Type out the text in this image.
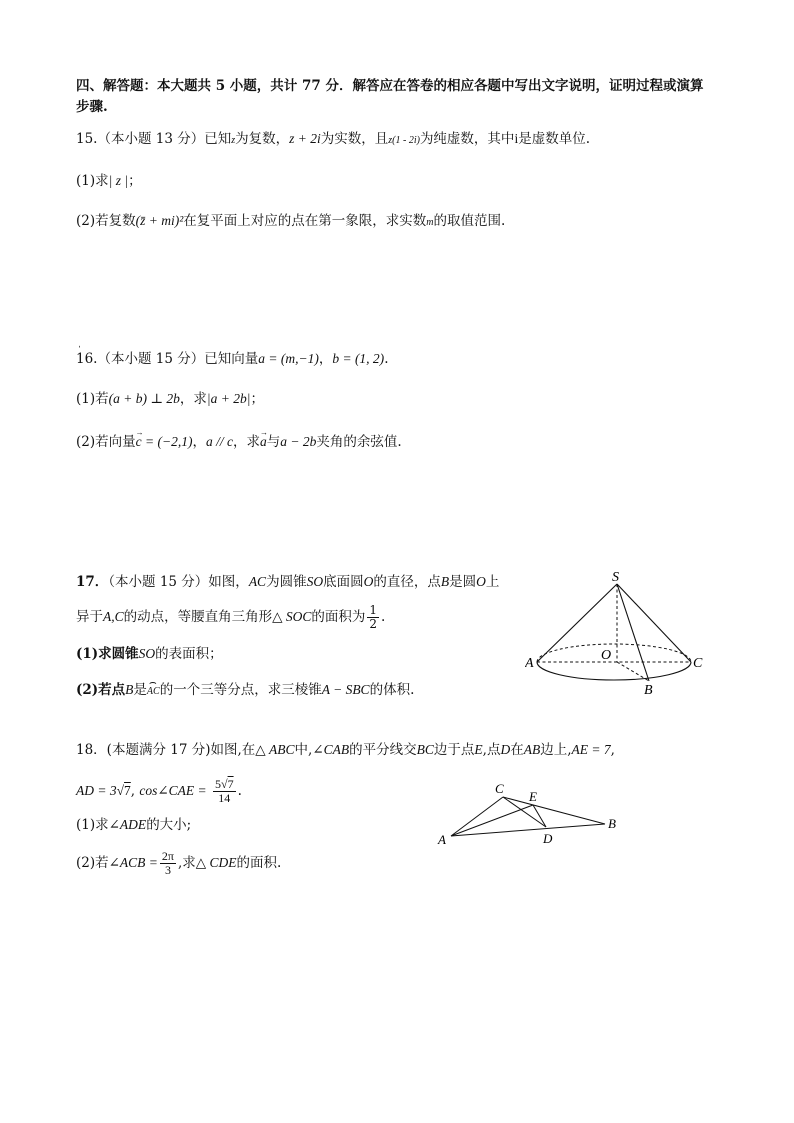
四、解答题：本大题共 5 小题，共计 77 分．解答应在答卷的相应各题中写出文字说明，证明过程或演算
步骤.
15.（本小题 13 分）已知z为复数，z + 2i为实数，且z(1 - 2i)为纯虚数，其中i是虚数单位.
(1)求| z |；
(2)若复数(z̄ + mi)²在复平面上对应的点在第一象限，求实数m的取值范围.
16.（本小题 15 分）已知向量ˈ a = (m,−1)，ˈ b = (1, 2).
(1)若(a + b) ⊥ 2b，求|a + 2b|；
(2)若向量→ c = (−2,1)，a // c，求→ a与a − 2b夹角的余弦值.
17．（本小题 15 分）如图，AC为圆锥SO底面圆O的直径，点B是圆O上
异于A,C的动点，等腰直角三角形△ SOC的面积为 $\frac{1}{2}$ .
(1)求圆锥SO的表面积；
(2)若点B是⌢ AC的一个三等分点，求三棱锥A − SBC的体积.
S
O
A	C
B
18．(本题满分 17 分)如图,在△ ABC中,∠CAB的平分线交BC边于点E,点D在AB边上,AE = 7,
AD = 3√7, cos∠CAE = $\frac{5√7}{14}$ .
(1)求∠ADE的大小;
(2)若∠ACB = $\frac{2\pi}{3}$ ,求△ CDE的面积.
C
E
A	D
B
